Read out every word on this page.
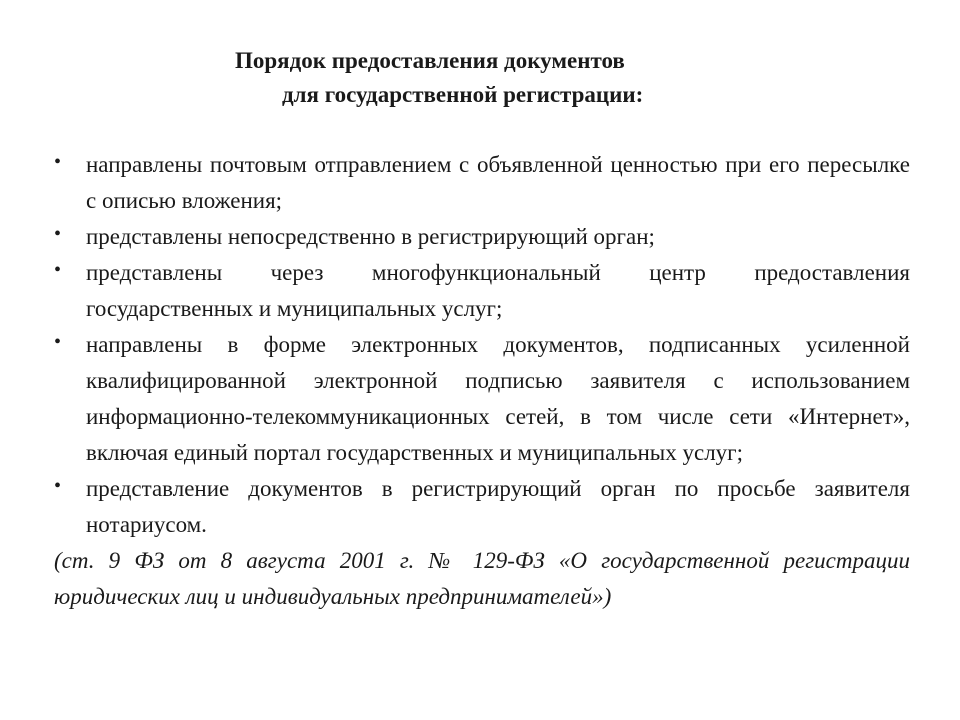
Порядок предоставления документов
для государственной регистрации:
•	направлены почтовым отправлением с объявленной ценностью при его пересылке с описью вложения;
•	представлены непосредственно в регистрирующий орган;
•	представлены через многофункциональный центр предоставления государственных и муниципальных услуг;
•	направлены в форме электронных документов, подписанных усиленной квалифицированной электронной подписью заявителя с использованием информационно-телекоммуникационных сетей, в том числе сети «Интернет», включая единый портал государственных и муниципальных услуг;
•	представление документов в регистрирующий орган по просьбе заявителя нотариусом.

(ст. 9 ФЗ от 8 августа 2001 г. № 129-ФЗ «О государственной регистрации юридических лиц и индивидуальных предпринимателей»)
